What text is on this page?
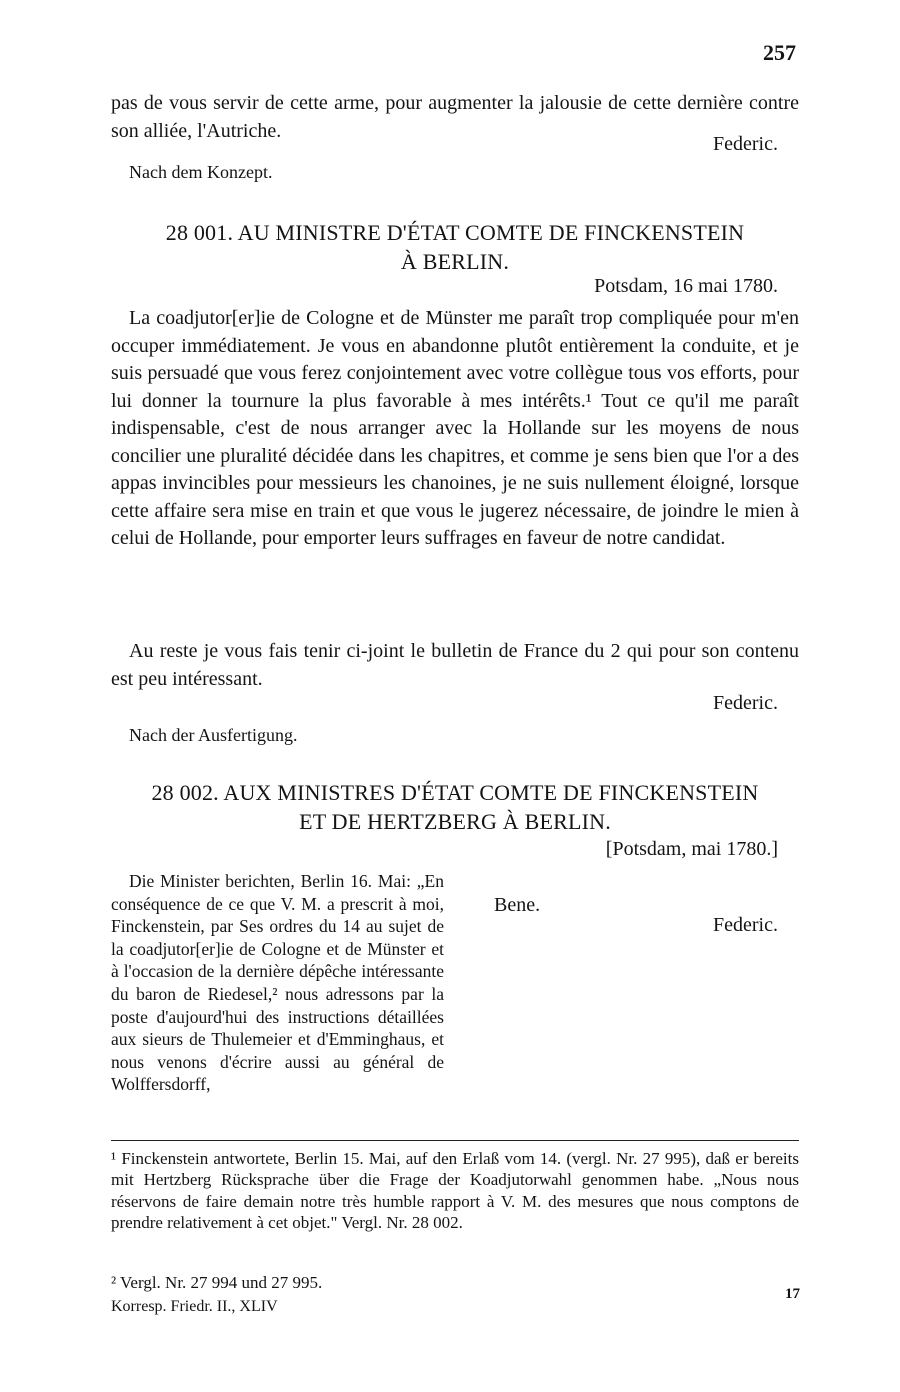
257
pas de vous servir de cette arme, pour augmenter la jalousie de cette dernière contre son alliée, l'Autriche.
Federic.
Nach dem Konzept.
28 001. AU MINISTRE D'ÉTAT COMTE DE FINCKENSTEIN
À BERLIN.
Potsdam, 16 mai 1780.
La coadjutor[er]ie de Cologne et de Münster me paraît trop compliquée pour m'en occuper immédiatement. Je vous en abandonne plutôt entièrement la conduite, et je suis persuadé que vous ferez conjointement avec votre collègue tous vos efforts, pour lui donner la tournure la plus favorable à mes intérêts.¹ Tout ce qu'il me paraît indispensable, c'est de nous arranger avec la Hollande sur les moyens de nous concilier une pluralité décidée dans les chapitres, et comme je sens bien que l'or a des appas invincibles pour messieurs les chanoines, je ne suis nullement éloigné, lorsque cette affaire sera mise en train et que vous le jugerez nécessaire, de joindre le mien à celui de Hollande, pour emporter leurs suffrages en faveur de notre candidat.
Au reste je vous fais tenir ci-joint le bulletin de France du 2 qui pour son contenu est peu intéressant.
Federic.
Nach der Ausfertigung.
28 002. AUX MINISTRES D'ÉTAT COMTE DE FINCKENSTEIN
ET DE HERTZBERG À BERLIN.
[Potsdam, mai 1780.]
Die Minister berichten, Berlin 16. Mai: „En conséquence de ce que V. M. a prescrit à moi, Finckenstein, par Ses ordres du 14 au sujet de la coadjutor[er]ie de Cologne et de Münster et à l'occasion de la dernière dépêche intéressante du baron de Riedesel,² nous adressons par la poste d'aujourd'hui des instructions détaillées aux sieurs de Thulemeier et d'Emminghaus, et nous venons d'écrire aussi au général de Wolffersdorff,
Bene.
Federic.
¹ Finckenstein antwortete, Berlin 15. Mai, auf den Erlaß vom 14. (vergl. Nr. 27 995), daß er bereits mit Hertzberg Rücksprache über die Frage der Koadjutorwahl genommen habe. „Nous nous réservons de faire demain notre très humble rapport à V. M. des mesures que nous comptons de prendre relativement à cet objet." Vergl. Nr. 28 002.
² Vergl. Nr. 27 994 und 27 995.
Korresp. Friedr. II., XLIV
17
